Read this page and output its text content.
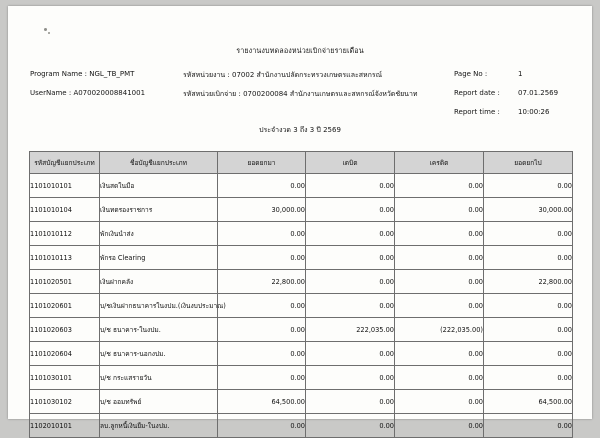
รายงานงบทดลองหน่วยเบิกจ่ายรายเดือน
Program Name : NGL_TB_PMT	รหัสหน่วยงาน : 07002 สำนักงานปลัดกระทรวงเกษตรและสหกรณ์	Page No :	1
UserName : A070020008841001	รหัสหน่วยเบิกจ่าย : 0700200084 สำนักงานเกษตรและสหกรณ์จังหวัดชัยนาท	Report date :	07.01.2569
Report time :	10:00:26
ประจำงวด 3 ถึง 3 ปี 2569
รหัสบัญชีแยกประเภท	ชื่อบัญชีแยกประเภท	ยอดยกมา	เดบิต	เครดิต	ยอดยกไป
1101010101	เงินสดในมือ	0.00	0.00	0.00	0.00
1101010104	เงินทดรองราชการ	30,000.00	0.00	0.00	30,000.00
1101010112	พักเงินนำส่ง	0.00	0.00	0.00	0.00
1101010113	พักรอ Clearing	0.00	0.00	0.00	0.00
1101020501	เงินฝากคลัง	22,800.00	0.00	0.00	22,800.00
1101020601	บ/ชเงินฝากธนาคารในงปม.(เงินงบประมาณ)	0.00	0.00	0.00	0.00
1101020603	บ/ช ธนาคาร-ในงปม.	0.00	222,035.00	(222,035.00)	0.00
1101020604	บ/ช ธนาคาร-นอกงปม.	0.00	0.00	0.00	0.00
1101030101	บ/ช กระแสรายวัน	0.00	0.00	0.00	0.00
1101030102	บ/ช ออมทรัพย์	64,500.00	0.00	0.00	64,500.00
1102010101	ลบ.ลูกหนี้เงินยืม-ในงปม.	0.00	0.00	0.00	0.00
